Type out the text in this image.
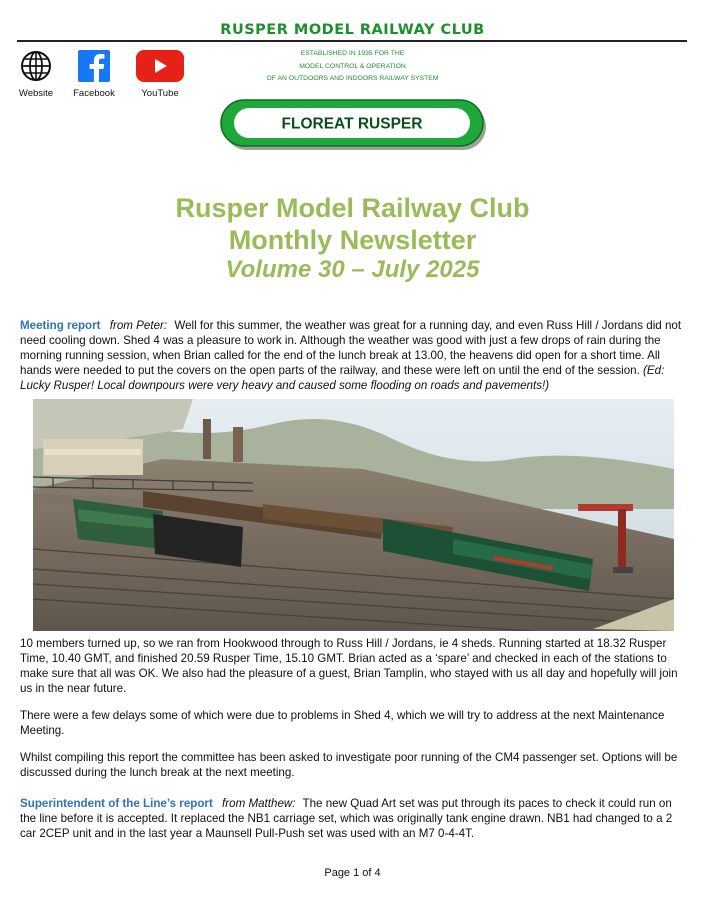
RUSPER MODEL RAILWAY CLUB
Website	Facebook	YouTube
ESTABLISHED IN 1935 FOR THE
MODEL CONTROL & OPERATION
OF AN OUTDOORS AND INDOORS RAILWAY SYSTEM
FLOREAT RUSPER
Rusper Model Railway Club
Monthly Newsletter
Volume 30 – July 2025
Meeting report from Peter: Well for this summer, the weather was great for a running day, and even Russ Hill / Jordans did not need cooling down. Shed 4 was a pleasure to work in. Although the weather was good with just a few drops of rain during the morning running session, when Brian called for the end of the lunch break at 13.00, the heavens did open for a short time. All hands were needed to put the covers on the open parts of the railway, and these were left on until the end of the session. (Ed: Lucky Rusper! Local downpours were very heavy and caused some flooding on roads and pavements!)
10 members turned up, so we ran from Hookwood through to Russ Hill / Jordans, ie 4 sheds. Running started at 18.32 Rusper Time, 10.40 GMT, and finished 20.59 Rusper Time, 15.10 GMT. Brian acted as a ‘spare’ and checked in each of the stations to make sure that all was OK. We also had the pleasure of a guest, Brian Tamplin, who stayed with us all day and hopefully will join us in the near future.
There were a few delays some of which were due to problems in Shed 4, which we will try to address at the next Maintenance Meeting.
Whilst compiling this report the committee has been asked to investigate poor running of the CM4 passenger set. Options will be discussed during the lunch break at the next meeting.
Superintendent of the Line’s report from Matthew: The new Quad Art set was put through its paces to check it could run on the line before it is accepted. It replaced the NB1 carriage set, which was originally tank engine drawn. NB1 had changed to a 2 car 2CEP unit and in the last year a Maunsell Pull-Push set was used with an M7 0-4-4T.
Page 1 of 4
